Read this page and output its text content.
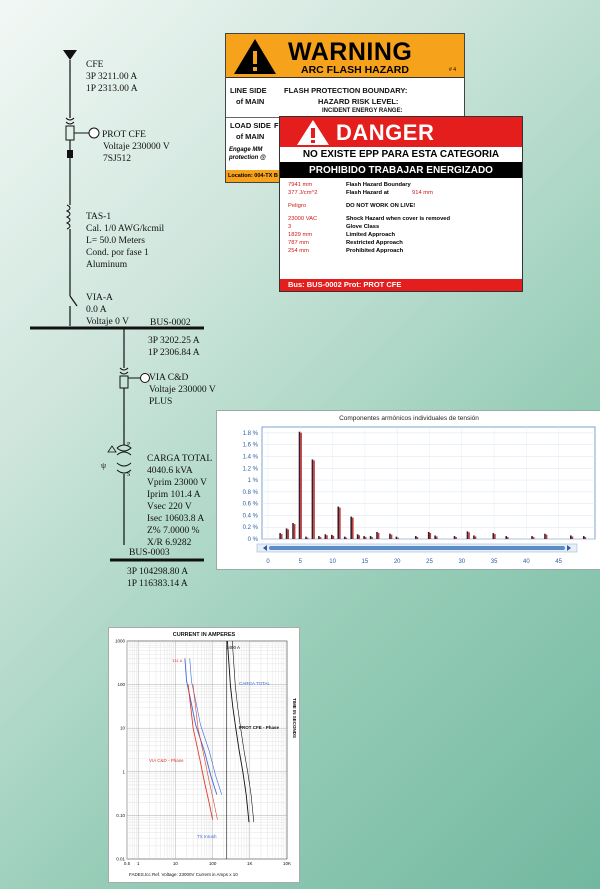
CFE
3P 3211.00 A
1P 2313.00 A
PROT CFE
Voltaje 230000 V
7SJ512
TAS-1
Cal. 1/0 AWG/kcmil
L= 50.0 Meters
Cond. por fase 1
Aluminum
VIA-A
0.0 A
Voltaje 0 V BUS-0002
3P 3202.25 A
1P 2306.84 A
VIA C&D
Voltaje 230000 V
PLUS
ψ
P
S
CARGA TOTAL
4040.6 kVA
Vprim 23000 V
Iprim 101.4 A
Vsec 220 V
Isec 10603.8 A
Z% 7.0000 %
X/R 6.9282
BUS-0003
3P 104298.80 A
1P 116383.14 A
WARNING
ARC FLASH HAZARD	# 4
LINE SIDE
of MAIN
FLASH PROTECTION BOUNDARY:
HAZARD RISK LEVEL:
INCIDENT ENERGY RANGE:
LOAD SIDE
of MAIN
F
Engage MM
protection @
Location: 004-TX B
DANGER
NO EXISTE EPP PARA ESTA CATEGORIA
PROHIBIDO TRABAJAR ENERGIZADO
7941 mm	Flash Hazard Boundary
377 J/cm^2	Flash Hazard at	914 mm
Peligro	DO NOT WORK ON LIVE!
23000 VAC	Shock Hazard when cover is removed
3	Glove Class
1829 mm	Limited Approach
787 mm	Restricted Approach
254 mm	Prohibited Approach
Bus: BUS-0002 Prot: PROT CFE
Componentes armónicos individuales de tensión
0 %
0.2 %
0.4 %
0.6 %
0.8 %
1 %
1.2 %
1.4 %
1.6 %
1.8 %
0	5	10	15	20	25	30	35	40	45
CURRENT IN AMPERES
1000
100
10
1
0.10
0.01
0.5 1	10	100	1K	10K
TIME IN SECONDS
2400 A
CARGA TOTAL
PROT CFE - Phase
VIA C&D - Phase
TX Inrush
131 A
FADES.tcc Ref. Voltage: 23000V Current in Amps x 10
